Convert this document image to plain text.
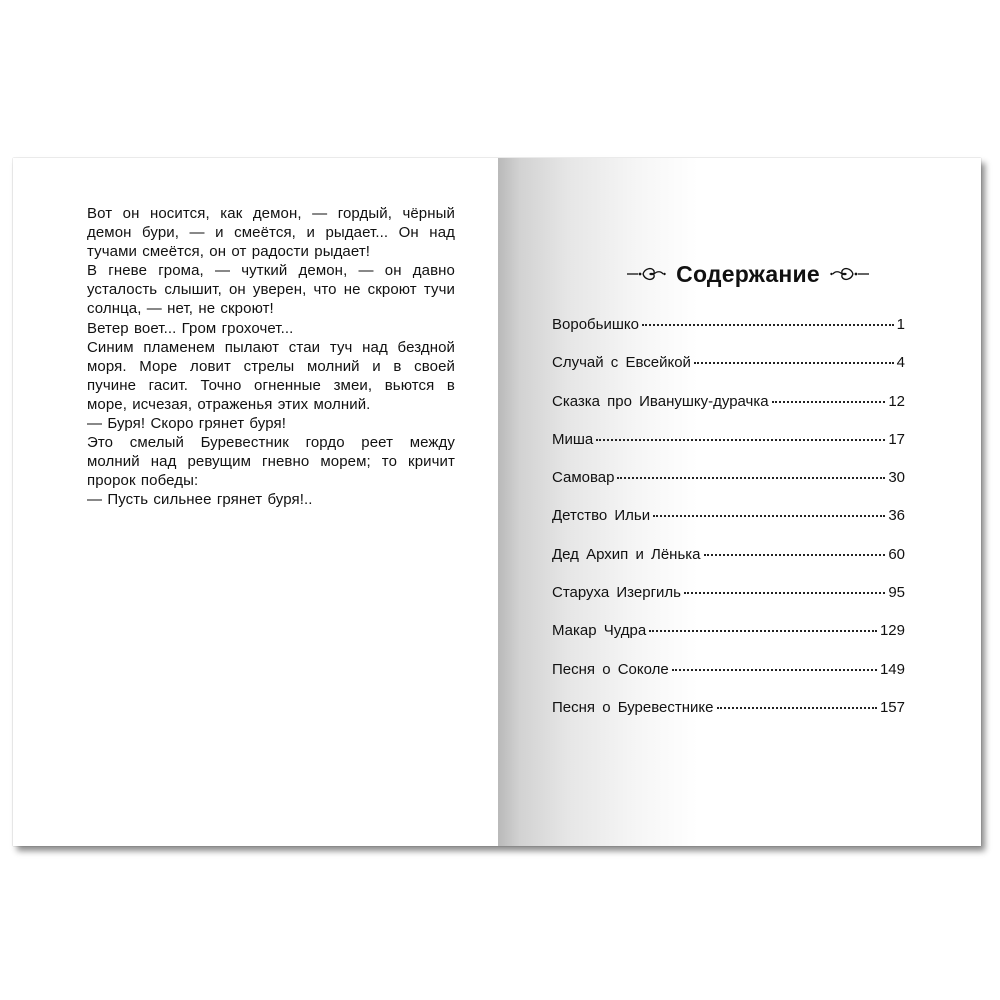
Вот он носится, как демон, — гордый, чёрный демон бури, — и смеётся, и рыдает... Он над тучами смеётся, он от радости рыдает!

В гневе грома, — чуткий демон, — он давно усталость слышит, он уверен, что не скроют тучи солнца, — нет, не скроют!

Ветер воет... Гром грохочет...

Синим пламенем пылают стаи туч над бездной моря. Море ловит стрелы молний и в своей пучине гасит. Точно огненные змеи, вьются в море, исчезая, отраженья этих молний.

— Буря! Скоро грянет буря!

Это смелый Буревестник гордо реет между молний над ревущим гневно морем; то кричит пророк победы:

— Пусть сильнее грянет буря!..

Содержание
Воробьишко	1
Случай с Евсейкой	4
Сказка про Иванушку-дурачка	12
Миша	17
Самовар	30
Детство Ильи	36
Дед Архип и Лёнька	60
Старуха Изергиль	95
Макар Чудра	129
Песня о Соколе	149
Песня о Буревестнике	157
